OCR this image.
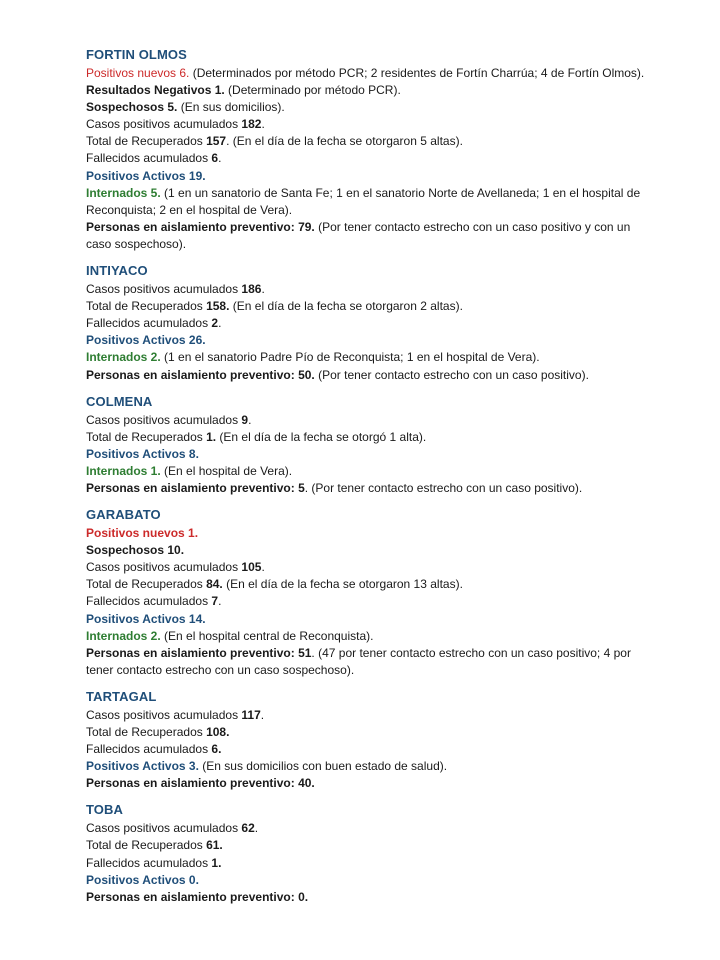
FORTIN OLMOS
Positivos nuevos 6. (Determinados por método PCR; 2 residentes de Fortín Charrúa; 4 de Fortín Olmos).
Resultados Negativos 1. (Determinado por método PCR).
Sospechosos 5. (En sus domicilios).
Casos positivos acumulados 182.
Total de Recuperados 157. (En el día de la fecha se otorgaron 5 altas).
Fallecidos acumulados 6.
Positivos Activos 19.
Internados 5. (1 en un sanatorio de Santa Fe; 1 en el sanatorio Norte de Avellaneda; 1 en el hospital de Reconquista; 2 en el hospital de Vera).
Personas en aislamiento preventivo: 79. (Por tener contacto estrecho con un caso positivo y con un caso sospechoso).
INTIYACO
Casos positivos acumulados 186.
Total de Recuperados 158. (En el día de la fecha se otorgaron 2 altas).
Fallecidos acumulados 2.
Positivos Activos 26.
Internados 2. (1 en el sanatorio Padre Pío de Reconquista; 1 en el hospital de Vera).
Personas en aislamiento preventivo: 50. (Por tener contacto estrecho con un caso positivo).
COLMENA
Casos positivos acumulados 9.
Total de Recuperados 1. (En el día de la fecha se otorgó 1 alta).
Positivos Activos 8.
Internados 1. (En el hospital de Vera).
Personas en aislamiento preventivo: 5. (Por tener contacto estrecho con un caso positivo).
GARABATO
Positivos nuevos 1.
Sospechosos 10.
Casos positivos acumulados 105.
Total de Recuperados 84. (En el día de la fecha se otorgaron 13 altas).
Fallecidos acumulados 7.
Positivos Activos 14.
Internados 2. (En el hospital central de Reconquista).
Personas en aislamiento preventivo: 51. (47 por tener contacto estrecho con un caso positivo; 4 por tener contacto estrecho con un caso sospechoso).
TARTAGAL
Casos positivos acumulados 117.
Total de Recuperados 108.
Fallecidos acumulados 6.
Positivos Activos 3. (En sus domicilios con buen estado de salud).
Personas en aislamiento preventivo: 40.
TOBA
Casos positivos acumulados 62.
Total de Recuperados 61.
Fallecidos acumulados 1.
Positivos Activos 0.
Personas en aislamiento preventivo: 0.
